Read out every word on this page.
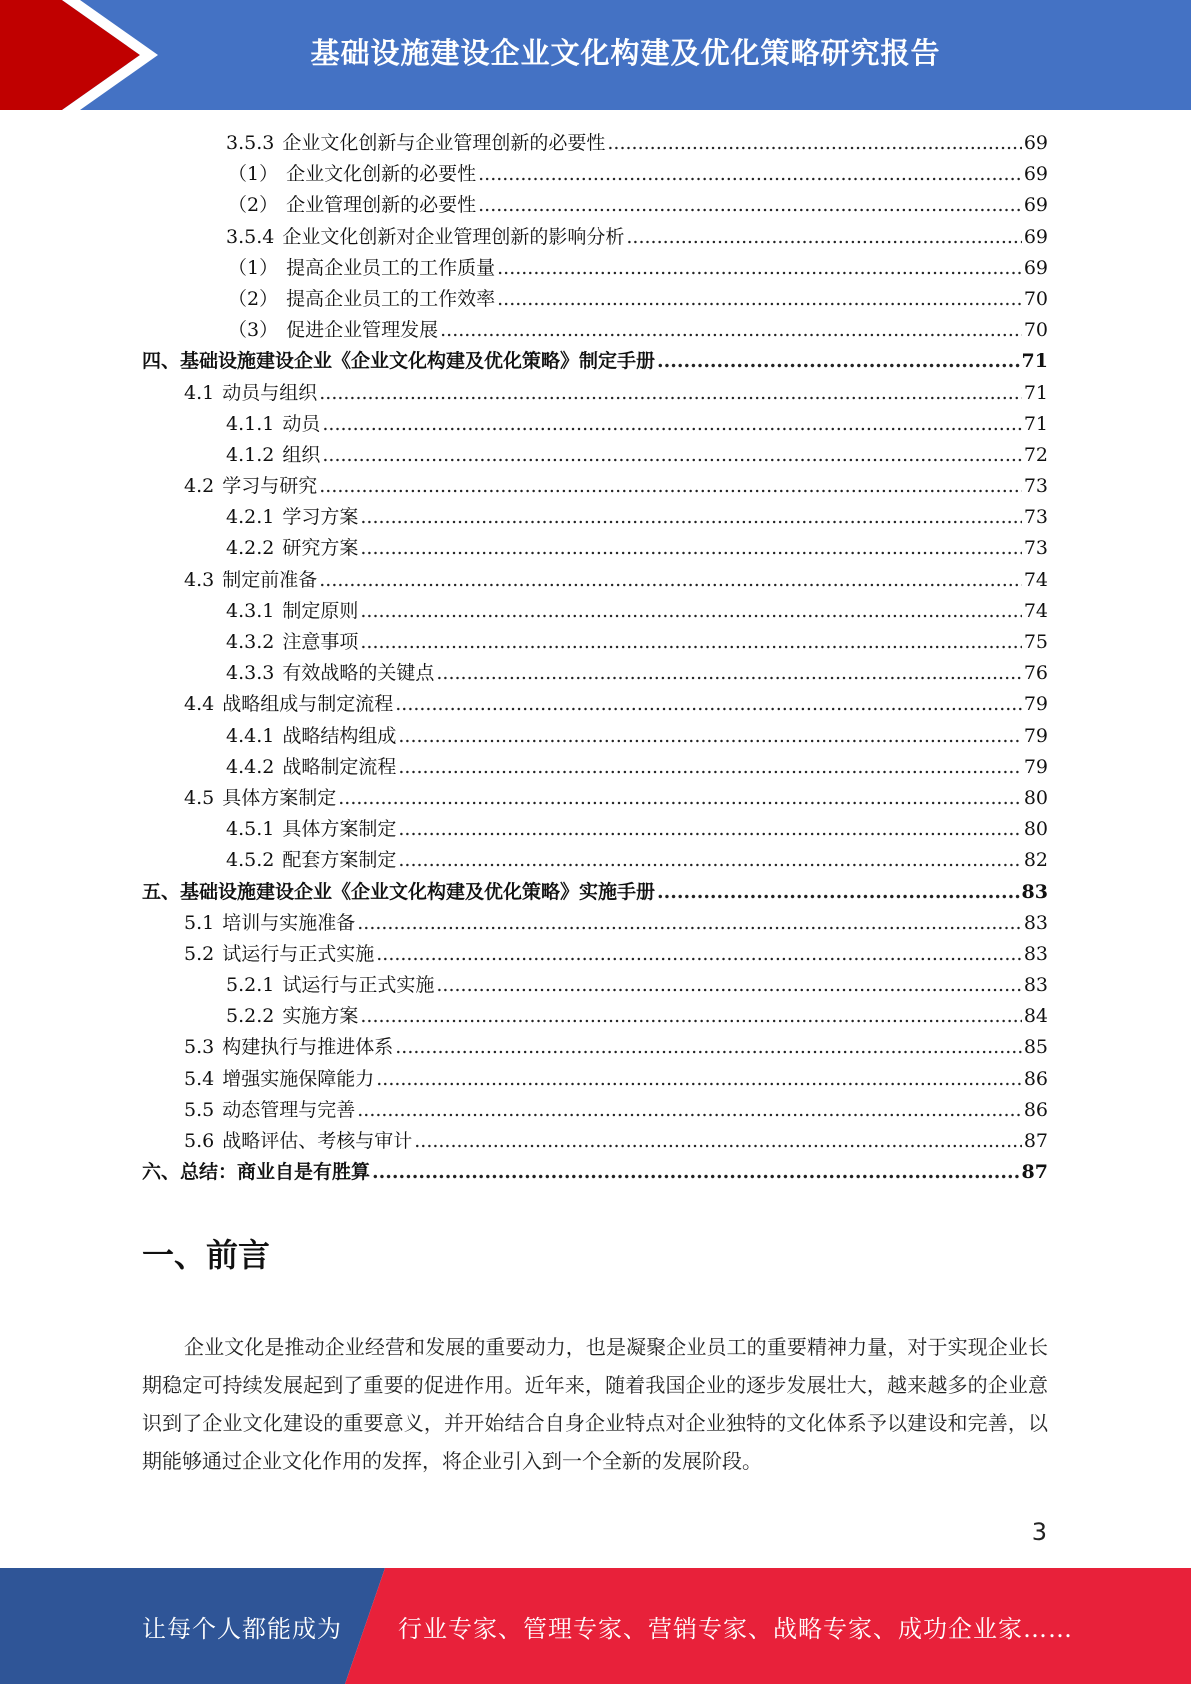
基础设施建设企业文化构建及优化策略研究报告
3.5.3 企业文化创新与企业管理创新的必要性 .....	69
（1） 企业文化创新的必要性 .....	69
（2） 企业管理创新的必要性 .....	69
3.5.4 企业文化创新对企业管理创新的影响分析 .....	69
（1） 提高企业员工的工作质量 .....	69
（2） 提高企业员工的工作效率 .....	70
（3） 促进企业管理发展 .....	70
四、基础设施建设企业《企业文化构建及优化策略》制定手册 .....	71
4.1 动员与组织 .....	71
4.1.1 动员 .....	71
4.1.2 组织 .....	72
4.2 学习与研究 .....	73
4.2.1 学习方案 .....	73
4.2.2 研究方案 .....	73
4.3 制定前准备 .....	74
4.3.1 制定原则 .....	74
4.3.2 注意事项 .....	75
4.3.3 有效战略的关键点 .....	76
4.4 战略组成与制定流程 .....	79
4.4.1 战略结构组成 .....	79
4.4.2 战略制定流程 .....	79
4.5 具体方案制定 .....	80
4.5.1 具体方案制定 .....	80
4.5.2 配套方案制定 .....	82
五、基础设施建设企业《企业文化构建及优化策略》实施手册 .....	83
5.1 培训与实施准备 .....	83
5.2 试运行与正式实施 .....	83
5.2.1 试运行与正式实施 .....	83
5.2.2 实施方案 .....	84
5.3 构建执行与推进体系 .....	85
5.4 增强实施保障能力 .....	86
5.5 动态管理与完善 .....	86
5.6 战略评估、考核与审计 .....	87
六、总结：商业自是有胜算 .....	87
一、前言
企业文化是推动企业经营和发展的重要动力，也是凝聚企业员工的重要精神力量，对于实现企业长期稳定可持续发展起到了重要的促进作用。近年来，随着我国企业的逐步发展壮大，越来越多的企业意识到了企业文化建设的重要意义，并开始结合自身企业特点对企业独特的文化体系予以建设和完善，以期能够通过企业文化作用的发挥，将企业引入到一个全新的发展阶段。
3
让每个人都能成为 行业专家、管理专家、营销专家、战略专家、成功企业家……
